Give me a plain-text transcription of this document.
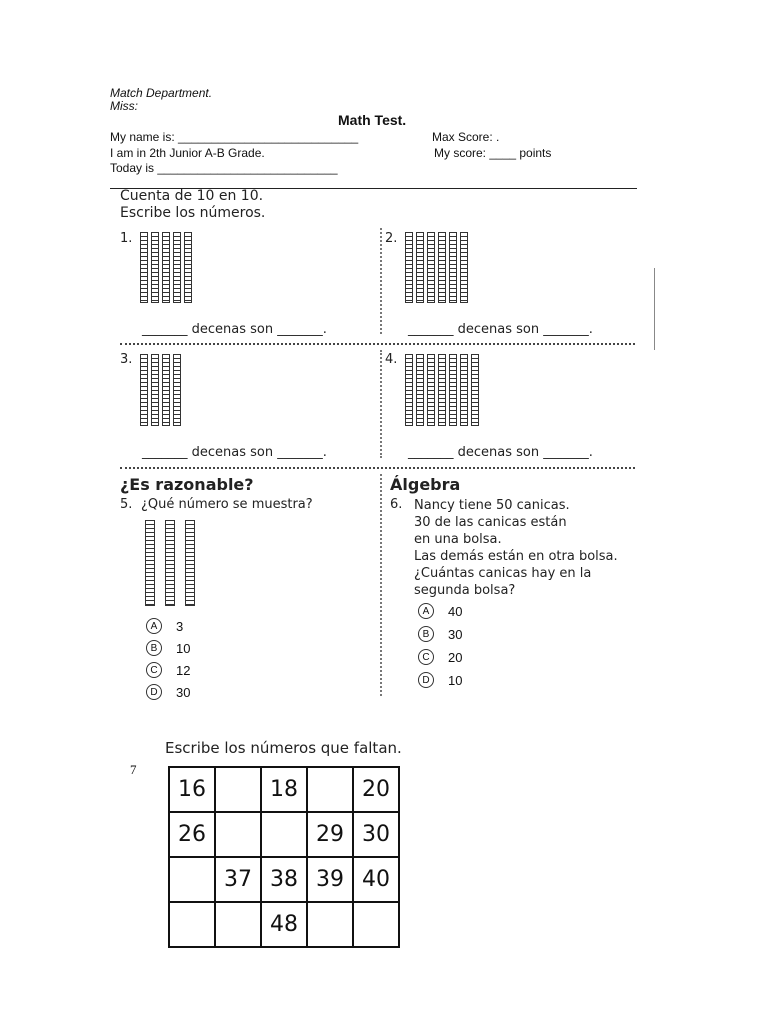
Match Department.
Miss:
Math Test.
My name is: ___________________________	Max Score: .
I am in 2th Junior A-B Grade.	My score: ____ points
Today is ___________________________
Cuenta de 10 en 10.
Escribe los números.
1.
_______ decenas son _______.
2.
_______ decenas son _______.
3.
_______ decenas son _______.
4.
_______ decenas son _______.
¿Es razonable?
5. ¿Qué número se muestra?
A	3
B	10
C	12
D	30
Álgebra
6. Nancy tiene 50 canicas.
30 de las canicas están
en una bolsa.
Las demás están en otra bolsa.
¿Cuántas canicas hay en la
segunda bolsa?
A	40
B	30
C	20
D	10
Escribe los números que faltan.
7
16		18		20
26			29	30
	37	38	39	40
		48		
